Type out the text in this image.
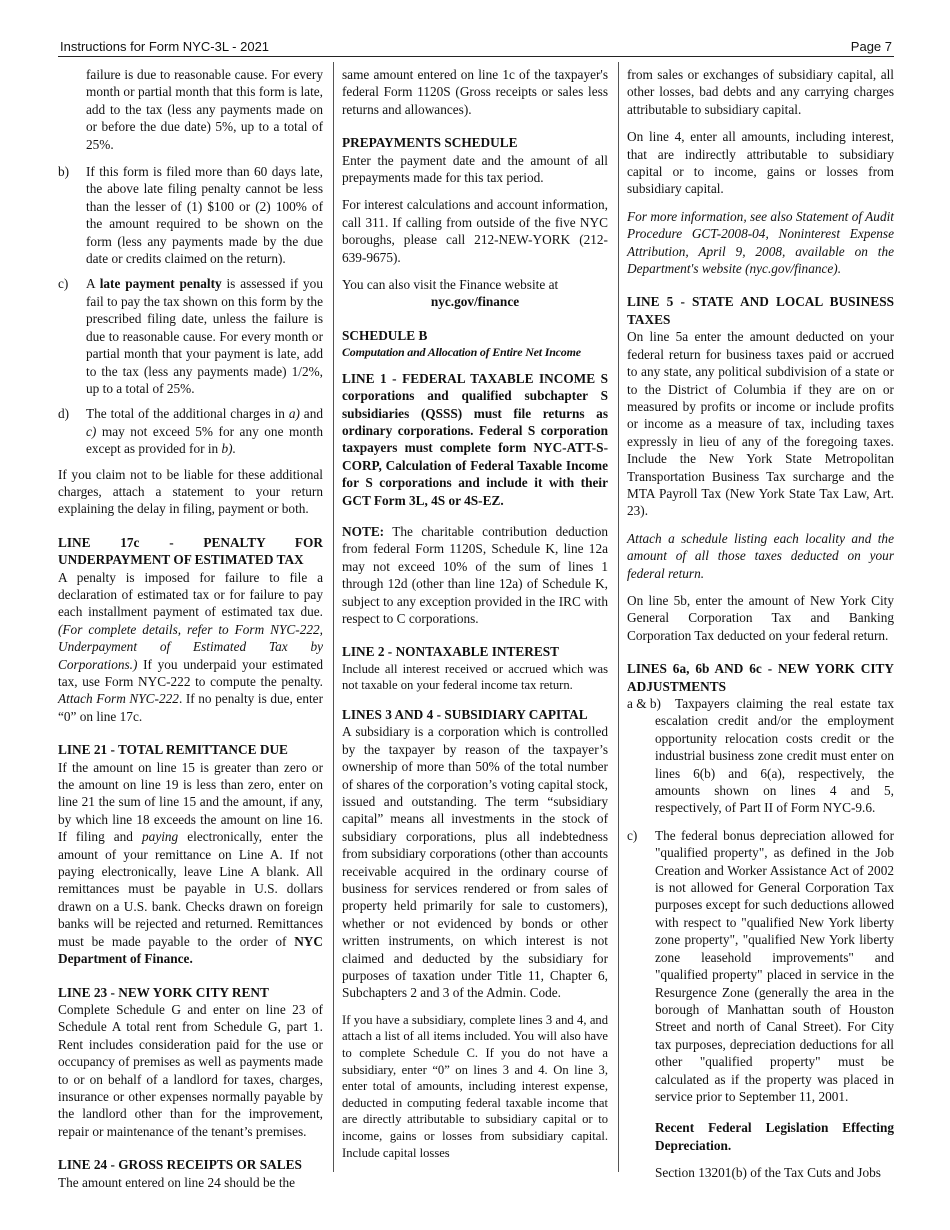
Instructions for Form NYC-3L - 2021	Page 7

failure is due to reasonable cause. For every month or partial month that this form is late, add to the tax (less any payments made on or before the due date) 5%, up to a total of 25%.

b) If this form is filed more than 60 days late, the above late filing penalty cannot be less than the lesser of (1) $100 or (2) 100% of the amount required to be shown on the form (less any payments made by the due date or credits claimed on the return).
c) A late payment penalty is assessed if you fail to pay the tax shown on this form by the prescribed filing date, unless the failure is due to reasonable cause. For every month or partial month that your payment is late, add to the tax (less any payments made) 1/2%, up to a total of 25%.
d) The total of the additional charges in a) and c) may not exceed 5% for any one month except as provided for in b).

If you claim not to be liable for these additional charges, attach a statement to your return explaining the delay in filing, payment or both.

LINE 17c - PENALTY FOR UNDERPAYMENT OF ESTIMATED TAX

A penalty is imposed for failure to file a declaration of estimated tax or for failure to pay each installment payment of estimated tax due. (For complete details, refer to Form NYC-222, Underpayment of Estimated Tax by Corporations.) If you underpaid your estimated tax, use Form NYC-222 to compute the penalty. Attach Form NYC-222. If no penalty is due, enter “0” on line 17c.

LINE 21 - TOTAL REMITTANCE DUE

If the amount on line 15 is greater than zero or the amount on line 19 is less than zero, enter on line 21 the sum of line 15 and the amount, if any, by which line 18 exceeds the amount on line 16. If filing and paying electronically, enter the amount of your remittance on Line A. If not paying electronically, leave Line A blank. All remittances must be payable in U.S. dollars drawn on a U.S. bank. Checks drawn on foreign banks will be rejected and returned. Remittances must be made payable to the order of NYC Department of Finance.

LINE 23 - NEW YORK CITY RENT

Complete Schedule G and enter on line 23 of Schedule A total rent from Schedule G, part 1. Rent includes consideration paid for the use or occupancy of premises as well as payments made to or on behalf of a landlord for taxes, charges, insurance or other expenses normally payable by the landlord other than for the improvement, repair or maintenance of the tenant’s premises.

LINE 24 - GROSS RECEIPTS OR SALES

The amount entered on line 24 should be the

same amount entered on line 1c of the taxpayer's federal Form 1120S (Gross receipts or sales less returns and allowances).

PREPAYMENTS SCHEDULE

Enter the payment date and the amount of all prepayments made for this tax period.

For interest calculations and account information, call 311. If calling from outside of the five NYC boroughs, please call 212-NEW-YORK (212-639-9675).

You can also visit the Finance website at

nyc.gov/finance
SCHEDULE B
Computation and Allocation of Entire Net Income

LINE 1 - FEDERAL TAXABLE INCOME S corporations and qualified subchapter S subsidiaries (QSSS) must file returns as ordinary corporations. Federal S corporation taxpayers must complete form NYC-ATT-S-CORP, Calculation of Federal Taxable Income for S corporations and include it with their GCT Form 3L, 4S or 4S-EZ.

NOTE: The charitable contribution deduction from federal Form 1120S, Schedule K, line 12a may not exceed 10% of the sum of lines 1 through 12d (other than line 12a) of Schedule K, subject to any exception provided in the IRC with respect to C corporations.

LINE 2 - NONTAXABLE INTEREST

Include all interest received or accrued which was not taxable on your federal income tax return.

LINES 3 AND 4 - SUBSIDIARY CAPITAL

A subsidiary is a corporation which is controlled by the taxpayer by reason of the taxpayer’s ownership of more than 50% of the total number of shares of the corporation’s voting capital stock, issued and outstanding. The term “subsidiary capital” means all investments in the stock of subsidiary corporations, plus all indebtedness from subsidiary corporations (other than accounts receivable acquired in the ordinary course of business for services rendered or from sales of property held primarily for sale to customers), whether or not evidenced by bonds or other written instruments, on which interest is not claimed and deducted by the subsidiary for purposes of taxation under Title 11, Chapter 6, Subchapters 2 and 3 of the Admin. Code.

If you have a subsidiary, complete lines 3 and 4, and attach a list of all items included. You will also have to complete Schedule C. If you do not have a subsidiary, enter “0” on lines 3 and 4. On line 3, enter total of amounts, including interest expense, deducted in computing federal taxable income that are directly attributable to subsidiary capital or to income, gains or losses from subsidiary capital. Include capital losses

from sales or exchanges of subsidiary capital, all other losses, bad debts and any carrying charges attributable to subsidiary capital.

On line 4, enter all amounts, including interest, that are indirectly attributable to subsidiary capital or to income, gains or losses from subsidiary capital.

For more information, see also Statement of Audit Procedure GCT-2008-04, Noninterest Expense Attribution, April 9, 2008, available on the Department's website (nyc.gov/finance).

LINE 5 - STATE AND LOCAL BUSINESS TAXES

On line 5a enter the amount deducted on your federal return for business taxes paid or accrued to any state, any political subdivision of a state or to the District of Columbia if they are on or measured by profits or income or include profits or income as a measure of tax, including taxes expressly in lieu of any of the foregoing taxes. Include the New York State Metropolitan Transportation Business Tax surcharge and the MTA Payroll Tax (New York State Tax Law, Art. 23).

Attach a schedule listing each locality and the amount of all those taxes deducted on your federal return.

On line 5b, enter the amount of New York City General Corporation Tax and Banking Corporation Tax deducted on your federal return.

LINES 6a, 6b AND 6c - NEW YORK CITY ADJUSTMENTS
a & b) Taxpayers claiming the real estate tax escalation credit and/or the employment opportunity relocation costs credit or the industrial business zone credit must enter on lines 6(b) and 6(a), respectively, the amounts shown on lines 4 and 5, respectively, of Part II of Form NYC-9.6.
c) The federal bonus depreciation allowed for "qualified property", as defined in the Job Creation and Worker Assistance Act of 2002 is not allowed for General Corporation Tax purposes except for such deductions allowed with respect to "qualified New York liberty zone property", "qualified New York liberty zone leasehold improvements" and "qualified property" placed in service in the Resurgence Zone (generally the area in the borough of Manhattan south of Houston Street and north of Canal Street). For City tax purposes, depreciation deductions for all other "qualified property" must be calculated as if the property was placed in service prior to September 11, 2001.

Recent Federal Legislation Effecting Depreciation.

Section 13201(b) of the Tax Cuts and Jobs
